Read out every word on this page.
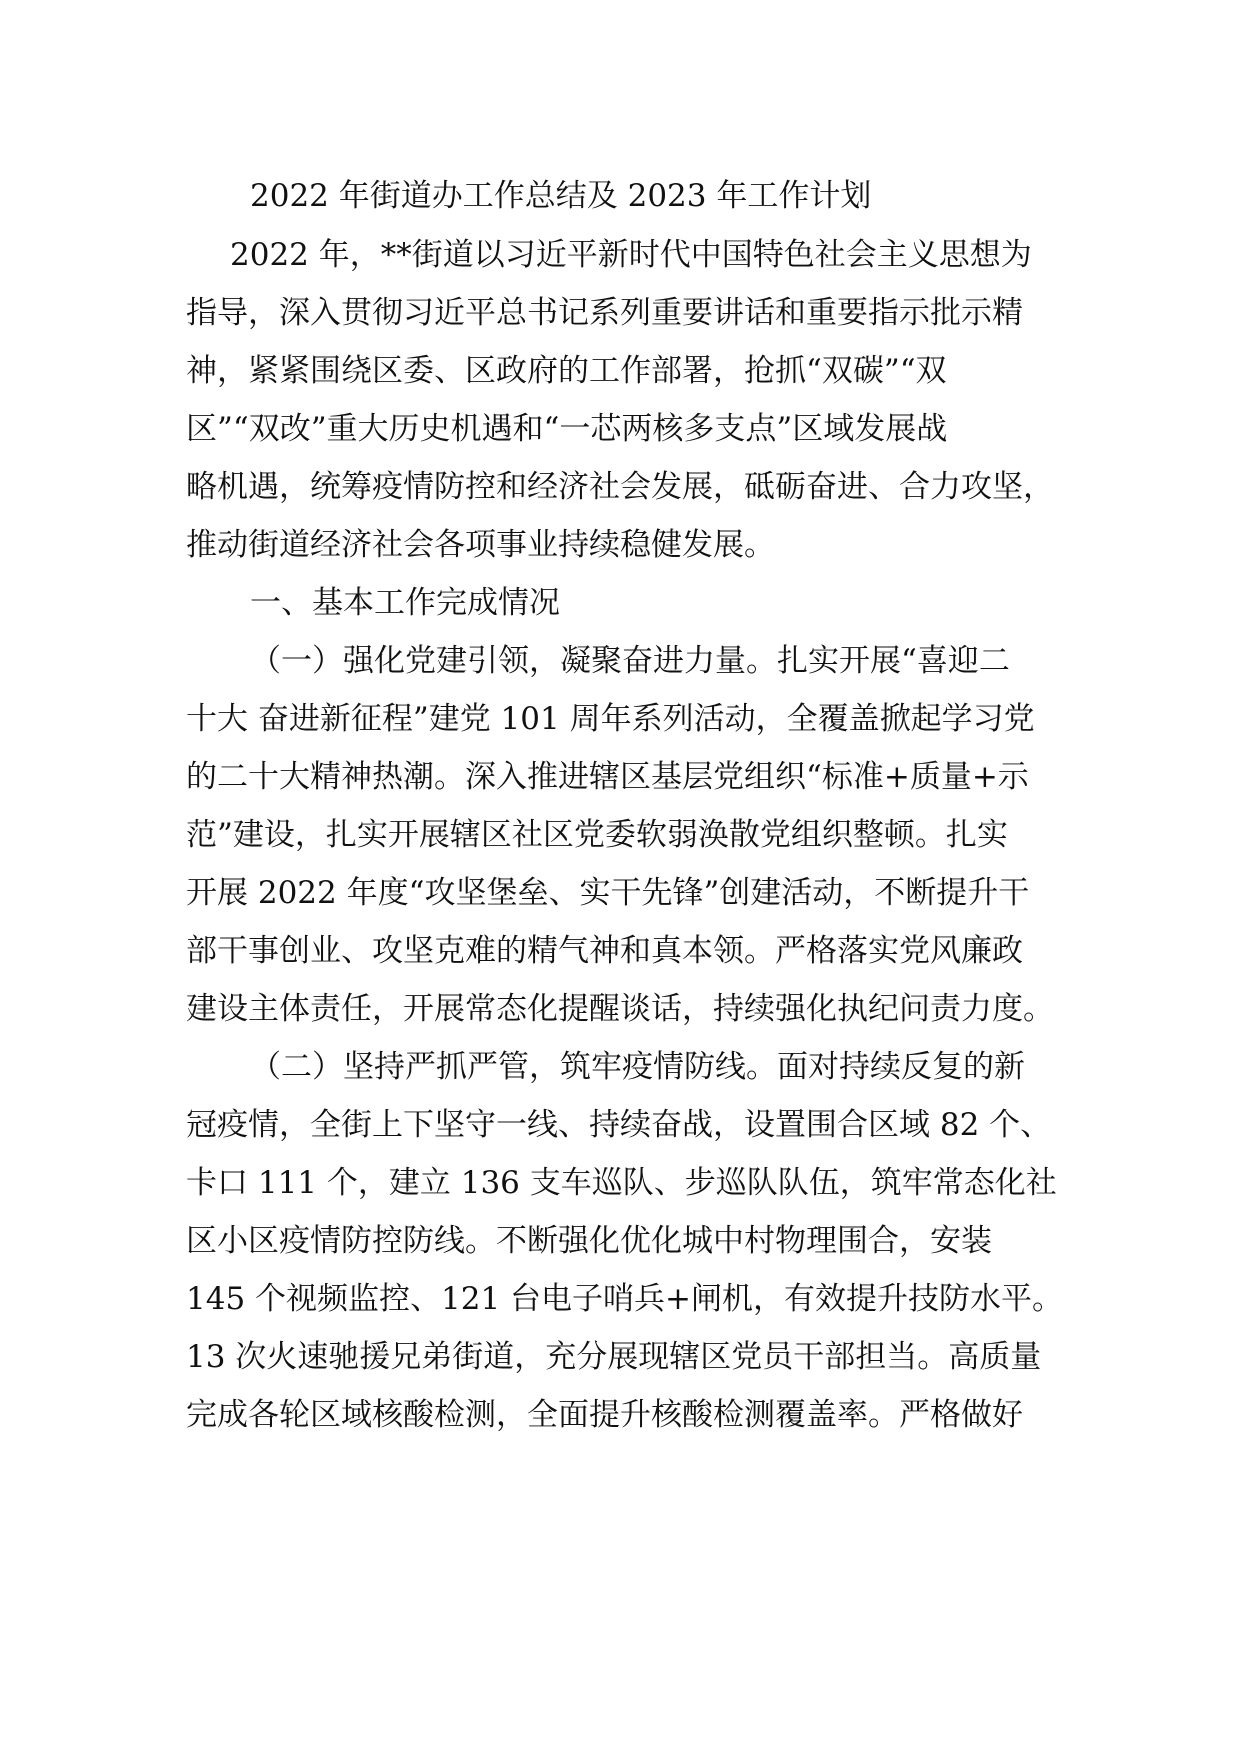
2022 年街道办工作总结及 2023 年工作计划
2022 年，**街道以习近平新时代中国特色社会主义思想为
指导，深入贯彻习近平总书记系列重要讲话和重要指示批示精
神，紧紧围绕区委、区政府的工作部署，抢抓“双碳”“双
区”“双改”重大历史机遇和“一芯两核多支点”区域发展战
略机遇，统筹疫情防控和经济社会发展，砥砺奋进、合力攻坚，
推动街道经济社会各项事业持续稳健发展。
一、基本工作完成情况
（一）强化党建引领，凝聚奋进力量。扎实开展“喜迎二
十大 奋进新征程”建党 101 周年系列活动，全覆盖掀起学习党
的二十大精神热潮。深入推进辖区基层党组织“标准+质量+示
范”建设，扎实开展辖区社区党委软弱涣散党组织整顿。扎实
开展 2022 年度“攻坚堡垒、实干先锋”创建活动，不断提升干
部干事创业、攻坚克难的精气神和真本领。严格落实党风廉政
建设主体责任，开展常态化提醒谈话，持续强化执纪问责力度。
（二）坚持严抓严管，筑牢疫情防线。面对持续反复的新
冠疫情，全街上下坚守一线、持续奋战，设置围合区域 82 个、
卡口 111 个，建立 136 支车巡队、步巡队队伍，筑牢常态化社
区小区疫情防控防线。不断强化优化城中村物理围合，安装
145 个视频监控、121 台电子哨兵+闸机，有效提升技防水平。
13 次火速驰援兄弟街道，充分展现辖区党员干部担当。高质量
完成各轮区域核酸检测，全面提升核酸检测覆盖率。严格做好
